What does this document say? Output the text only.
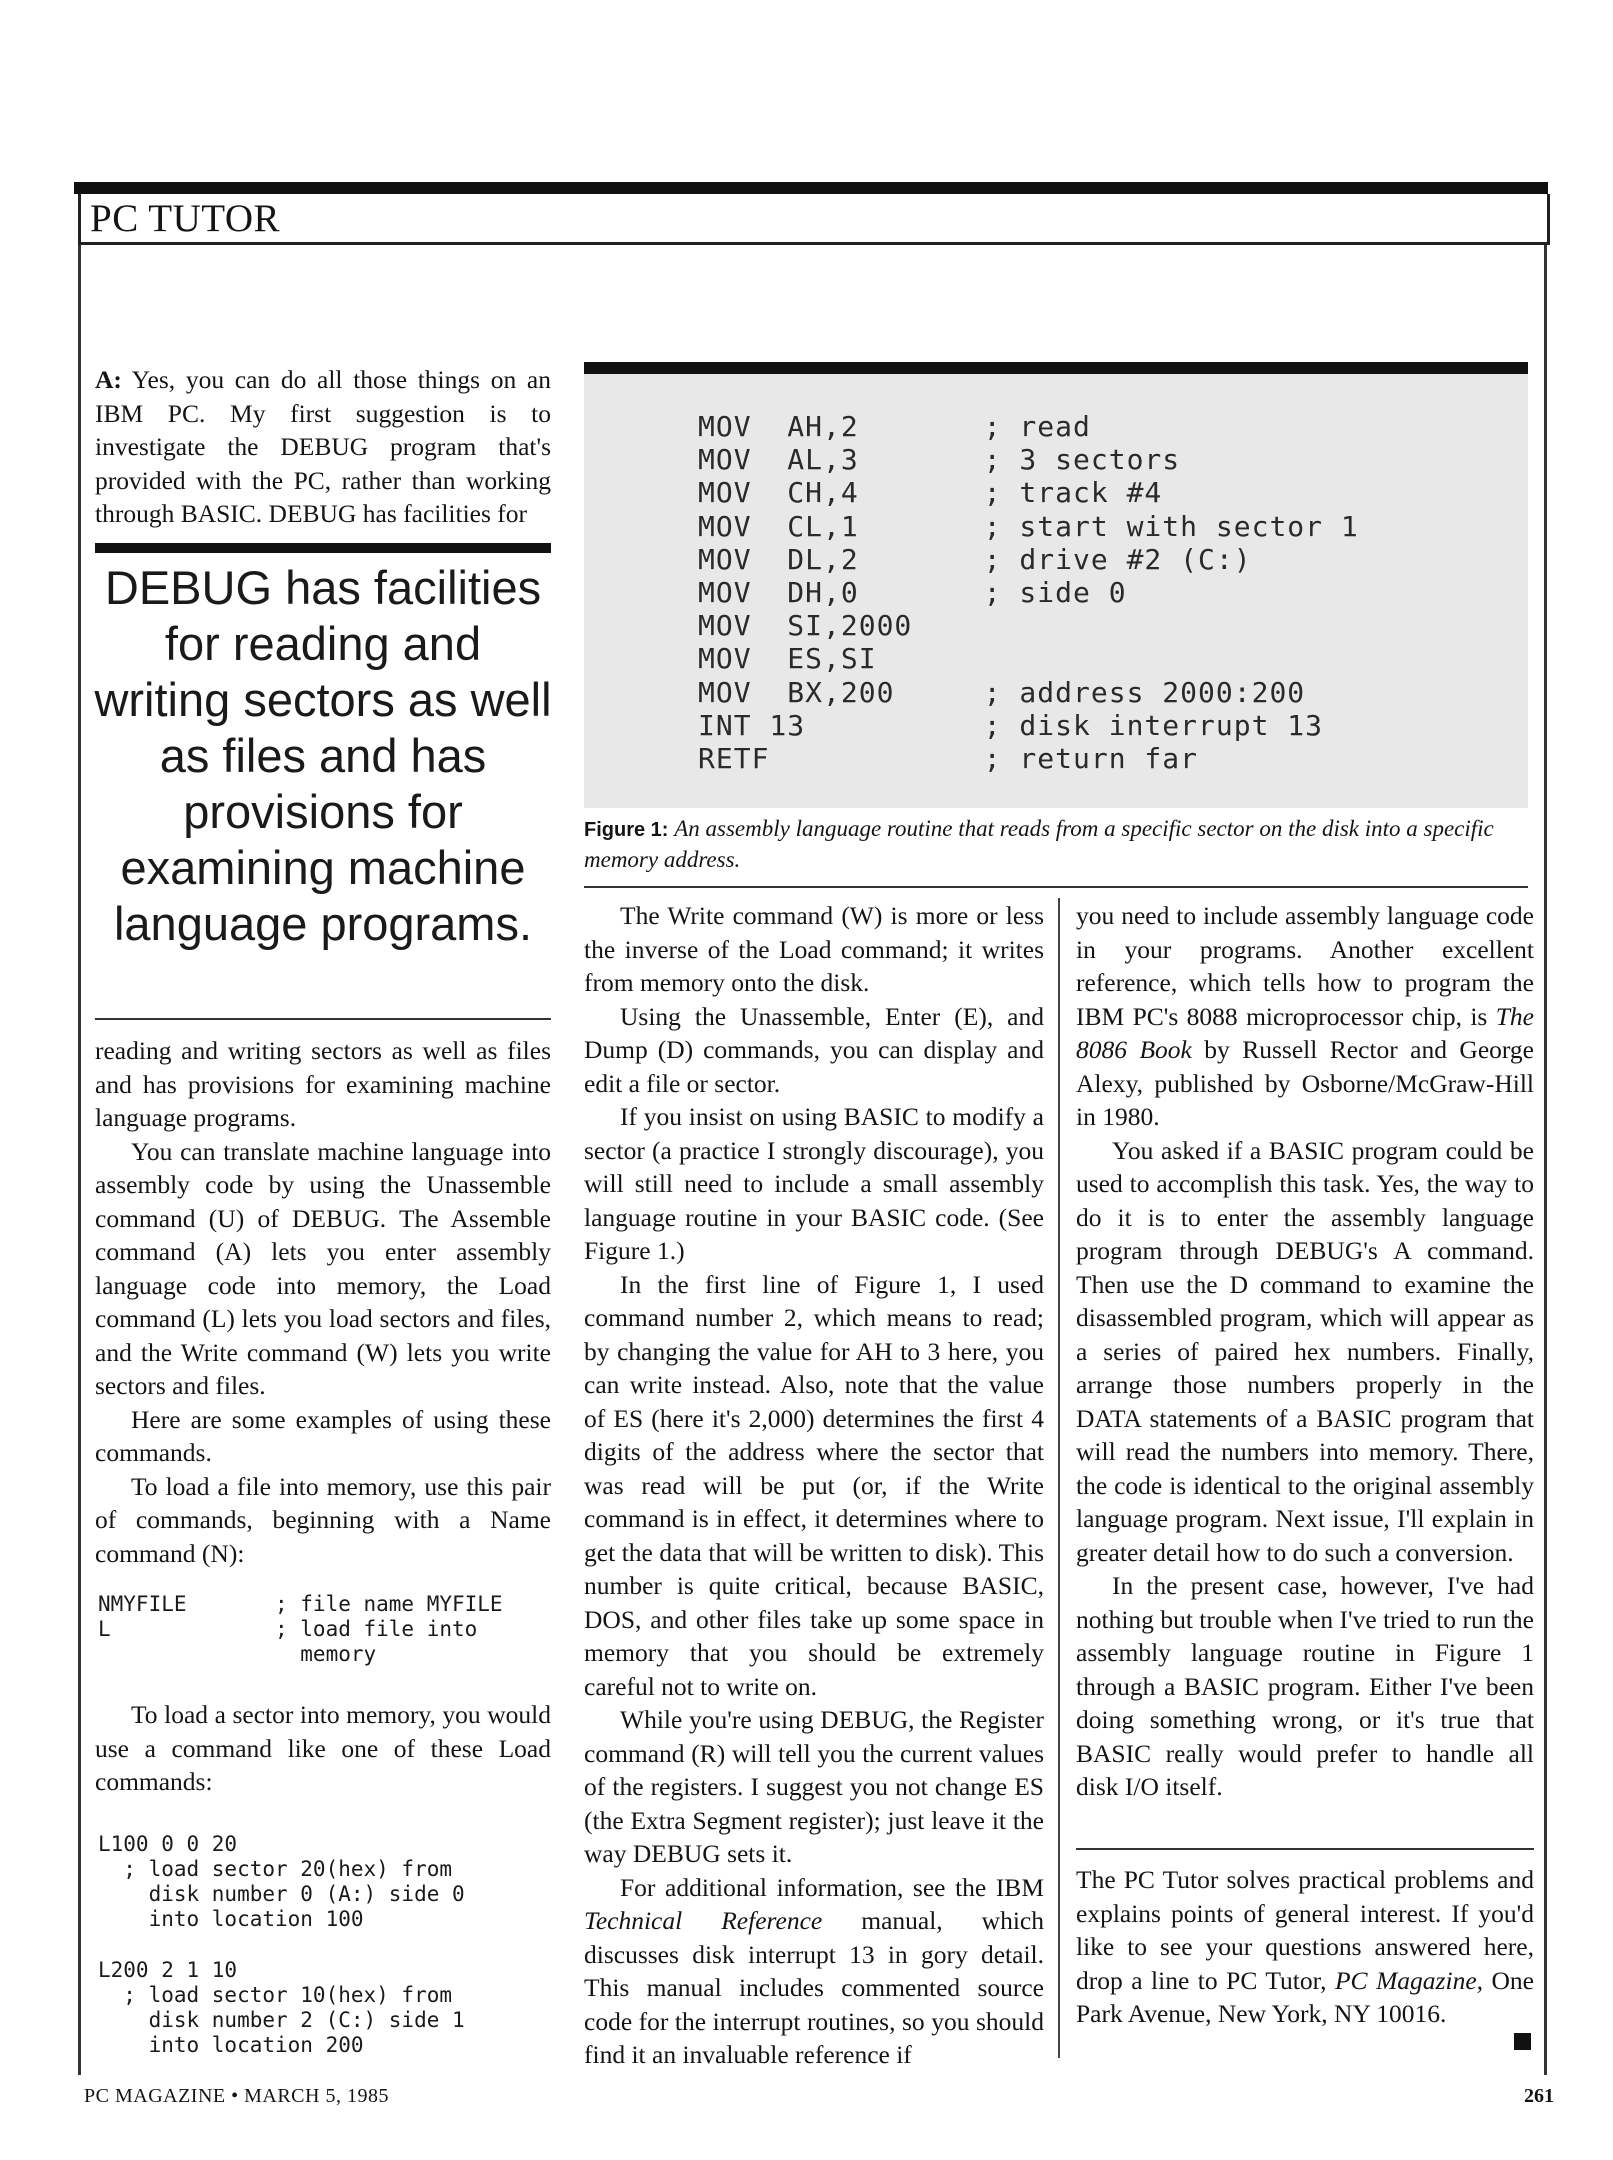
PC TUTOR

A: Yes, you can do all those things on an IBM PC. My first suggestion is to investigate the DEBUG program that's provided with the PC, rather than working through BASIC. DEBUG has facilities for

DEBUG has facilities for reading and writing sectors as well as files and has provisions for examining machine language programs.

reading and writing sectors as well as files and has provisions for examining machine language programs.

You can translate machine language into assembly code by using the Unassemble command (U) of DEBUG. The Assemble command (A) lets you enter assembly language code into memory, the Load command (L) lets you load sectors and files, and the Write command (W) lets you write sectors and files.

Here are some examples of using these commands.

To load a file into memory, use this pair of commands, beginning with a Name command (N):

NMYFILE       ; file name MYFILE
L             ; load file into
memory

To load a sector into memory, you would use a command like one of these Load commands:

L100 0 0 20
; load sector 20(hex) from
disk number 0 (A:) side 0
into location 100
L200 2 1 10
; load sector 10(hex) from
disk number 2 (C:) side 1
into location 200
MOV  AH,2       ; read
MOV  AL,3       ; 3 sectors
MOV  CH,4       ; track #4
MOV  CL,1       ; start with sector 1
MOV  DL,2       ; drive #2 (C:)
MOV  DH,0       ; side 0
MOV  SI,2000
MOV  ES,SI
MOV  BX,200     ; address 2000:200
INT 13          ; disk interrupt 13
RETF            ; return far
Figure 1: An assembly language routine that reads from a specific sector on the disk into a specific memory address.

The Write command (W) is more or less the inverse of the Load command; it writes from memory onto the disk.

Using the Unassemble, Enter (E), and Dump (D) commands, you can display and edit a file or sector.

If you insist on using BASIC to modify a sector (a practice I strongly discourage), you will still need to include a small assembly language routine in your BASIC code. (See Figure 1.)

In the first line of Figure 1, I used command number 2, which means to read; by changing the value for AH to 3 here, you can write instead. Also, note that the value of ES (here it's 2,000) determines the first 4 digits of the address where the sector that was read will be put (or, if the Write command is in effect, it determines where to get the data that will be written to disk). This number is quite critical, because BASIC, DOS, and other files take up some space in memory that you should be extremely careful not to write on.

While you're using DEBUG, the Register command (R) will tell you the current values of the registers. I suggest you not change ES (the Extra Segment register); just leave it the way DEBUG sets it.

For additional information, see the IBM Technical Reference manual, which discusses disk interrupt 13 in gory detail. This manual includes commented source code for the interrupt routines, so you should find it an invaluable reference if

you need to include assembly language code in your programs. Another excellent reference, which tells how to program the IBM PC's 8088 microprocessor chip, is The 8086 Book by Russell Rector and George Alexy, published by Osborne/McGraw-Hill in 1980.

You asked if a BASIC program could be used to accomplish this task. Yes, the way to do it is to enter the assembly language program through DEBUG's A command. Then use the D command to examine the disassembled program, which will appear as a series of paired hex numbers. Finally, arrange those numbers properly in the DATA statements of a BASIC program that will read the numbers into memory. There, the code is identical to the original assembly language program. Next issue, I'll explain in greater detail how to do such a conversion.

In the present case, however, I've had nothing but trouble when I've tried to run the assembly language routine in Figure 1 through a BASIC program. Either I've been doing something wrong, or it's true that BASIC really would prefer to handle all disk I/O itself.

The PC Tutor solves practical problems and explains points of general interest. If you'd like to see your questions answered here, drop a line to PC Tutor, PC Magazine, One Park Avenue, New York, NY 10016.

PC MAGAZINE • MARCH 5, 1985	261
